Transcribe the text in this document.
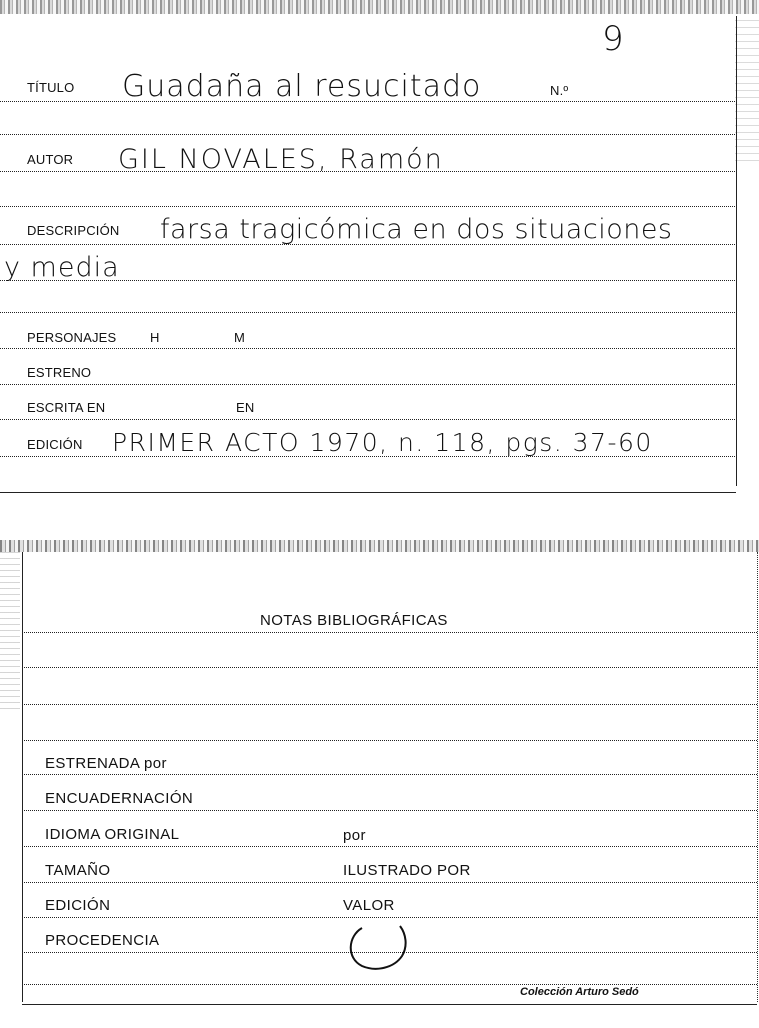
9
TÍTULO Guadaña al resucitado	N.º
AUTOR GIL NOVALES, Ramón
DESCRIPCIÓN farsa tragicómica en dos situaciones
y media
PERSONAJES	H	M
ESTRENO
ESCRITA EN	EN
EDICIÓN PRIMER ACTO 1970, n. 118, pgs. 37-60
NOTAS BIBLIOGRÁFICAS
ESTRENADA por
ENCUADERNACIÓN
IDIOMA ORIGINAL	por
TAMAÑO	ILUSTRADO POR
EDICIÓN	VALOR
PROCEDENCIA
Colección Arturo Sedó
